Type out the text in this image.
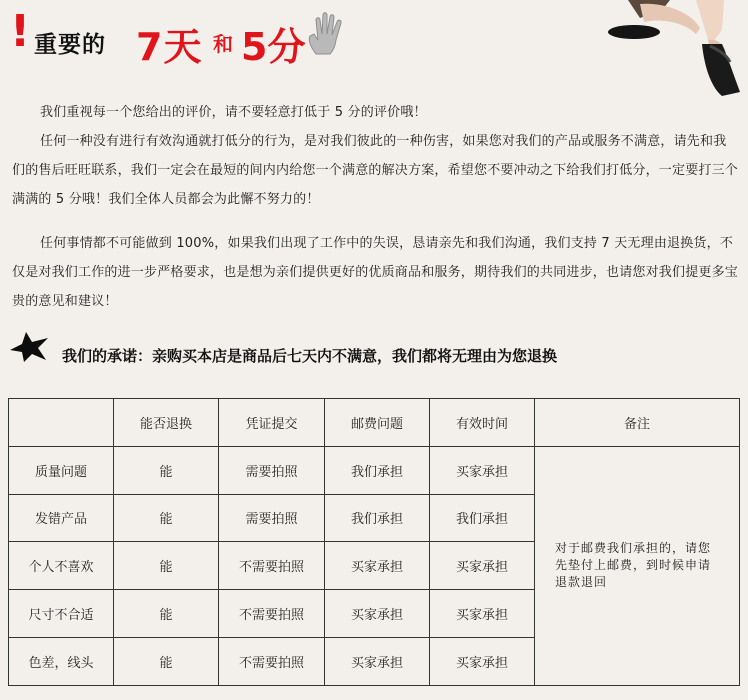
! 重要的 7天 和 5分
我们重视每一个您给出的评价，请不要轻意打低于 5 分的评价哦！
任何一种没有进行有效沟通就打低分的行为，是对我们彼此的一种伤害，如果您对我们的产品或服务不满意，请先和我们的售后旺旺联系，我们一定会在最短的间内内给您一个满意的解决方案，希望您不要冲动之下给我们打低分，一定要打三个满满的 5 分哦！我们全体人员都会为此懈不努力的！
任何事情都不可能做到 100%，如果我们出现了工作中的失误，恳请亲先和我们沟通，我们支持 7 天无理由退换货，不仅是对我们工作的进一步严格要求，也是想为亲们提供更好的优质商品和服务，期待我们的共同进步，也请您对我们提更多宝贵的意见和建议！
我们的承诺：亲购买本店是商品后七天内不满意，我们都将无理由为您退换
	能否退换	凭证提交	邮费问题	有效时间	备注
质量问题	能	需要拍照	我们承担	买家承担	对于邮费我们承担的，请您先垫付上邮费，到时候申请退款退回
发错产品	能	需要拍照	我们承担	我们承担	
个人不喜欢	能	不需要拍照	买家承担	买家承担	
尺寸不合适	能	不需要拍照	买家承担	买家承担	
色差，线头	能	不需要拍照	买家承担	买家承担	
